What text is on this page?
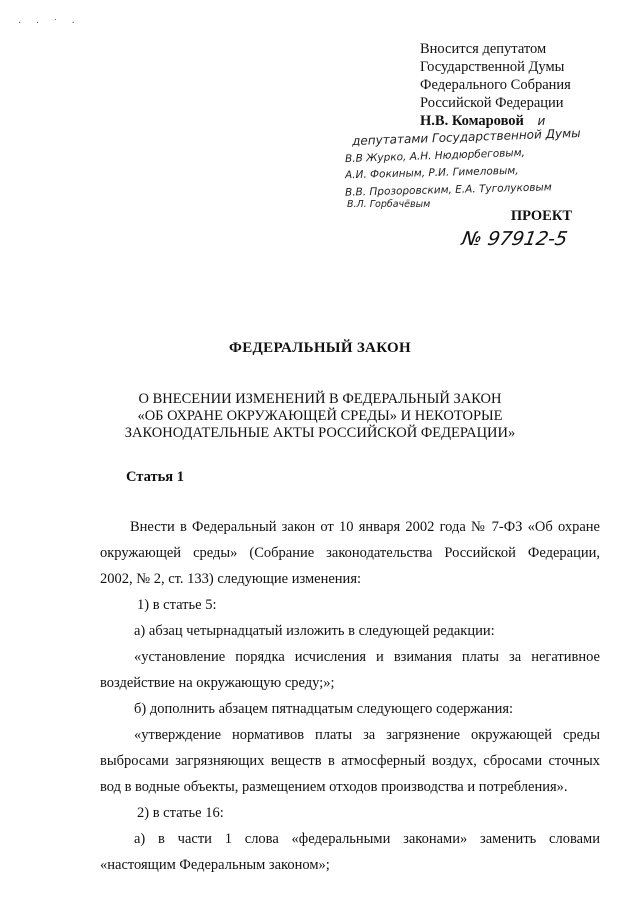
· · ˙ ·
Вносится депутатом
Государственной Думы
Федерального Собрания
Российской Федерации
Н.В. Комаровой и
депутатами Государственной Думы
В.В Журко, А.Н. Нюдюрбеговым,
А.И. Фокиным, Р.И. Гимеловым,
В.В. Прозоровским, Е.А. Тугoлуковым
В.Л. Горбачёвым
ПРОЕКТ
№ 97912-5
ФЕДЕРАЛЬНЫЙ ЗАКОН
О ВНЕСЕНИИ ИЗМЕНЕНИЙ В ФЕДЕРАЛЬНЫЙ ЗАКОН
«ОБ ОХРАНЕ ОКРУЖАЮЩЕЙ СРЕДЫ» И НЕКОТОРЫЕ
ЗАКОНОДАТЕЛЬНЫЕ АКТЫ РОССИЙСКОЙ ФЕДЕРАЦИИ»
Статья 1
Внести в Федеральный закон от 10 января 2002 года № 7-ФЗ «Об охране
окружающей среды» (Собрание законодательства Российской Федерации,
2002, № 2, ст. 133) следующие изменения:
1) в статье 5:
а) абзац четырнадцатый изложить в следующей редакции:
«установление порядка исчисления и взимания платы за негативное
воздействие на окружающую среду;»;
б) дополнить абзацем пятнадцатым следующего содержания:
«утверждение нормативов платы за загрязнение окружающей среды
выбросами загрязняющих веществ в атмосферный воздух, сбросами сточных
вод в водные объекты, размещением отходов производства и потребления».
2) в статье 16:
а) в части 1 слова «федеральными законами» заменить словами
«настоящим Федеральным законом»;
